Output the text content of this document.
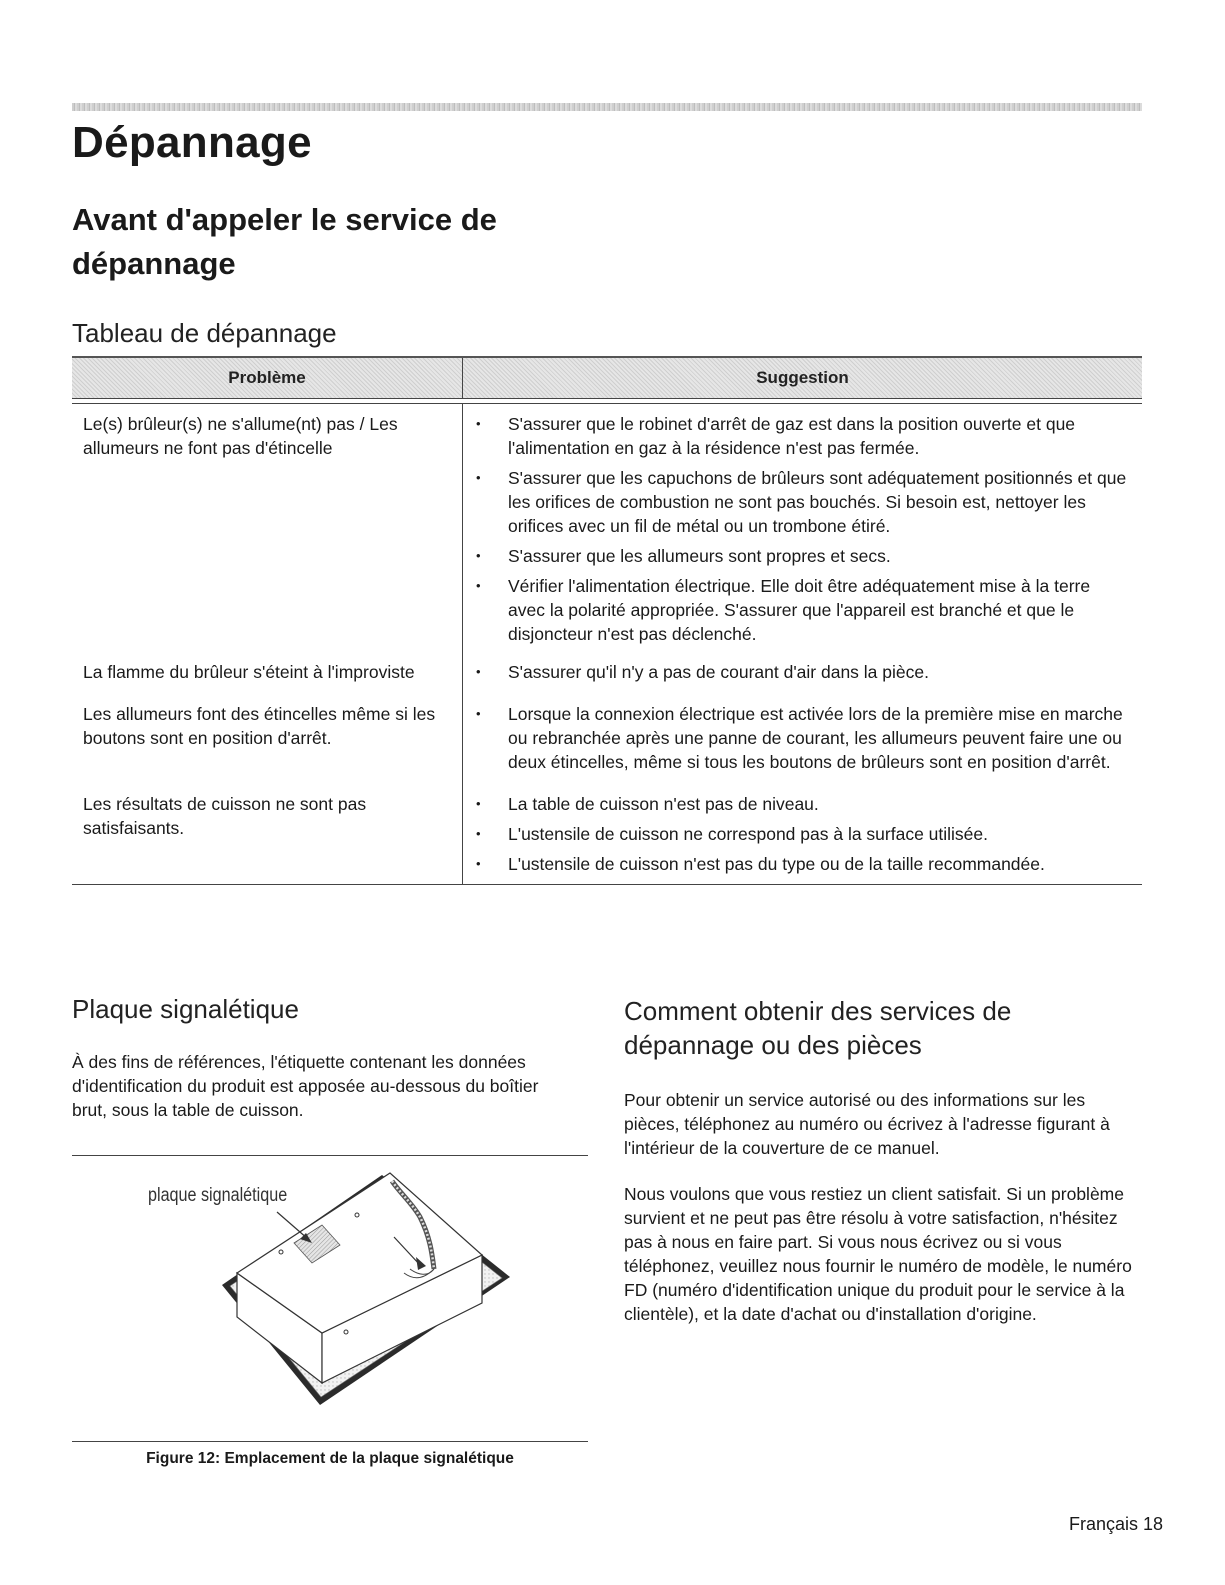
Dépannage
Avant d'appeler le service de dépannage
Tableau de dépannage
Problème	Suggestion
Le(s) brûleur(s) ne s'allume(nt) pas / Les allumeurs ne font pas d'étincelle
• S'assurer que le robinet d'arrêt de gaz est dans la position ouverte et que l'alimentation en gaz à la résidence n'est pas fermée.
• S'assurer que les capuchons de brûleurs sont adéquatement positionnés et que les orifices de combustion ne sont pas bouchés. Si besoin est, nettoyer les orifices avec un fil de métal ou un trombone étiré.
• S'assurer que les allumeurs sont propres et secs.
• Vérifier l'alimentation électrique. Elle doit être adéquatement mise à la terre avec la polarité appropriée. S'assurer que l'appareil est branché et que le disjoncteur n'est pas déclenché.
La flamme du brûleur s'éteint à l'improviste
•	S'assurer qu'il n'y a pas de courant d'air dans la pièce.
Les allumeurs font des étincelles même si les boutons sont en position d'arrêt.
• Lorsque la connexion électrique est activée lors de la première mise en marche ou rebranchée après une panne de courant, les allumeurs peuvent faire une ou deux étincelles, même si tous les boutons de brûleurs sont en position d'arrêt.
Les résultats de cuisson ne sont pas satisfaisants.
• La table de cuisson n'est pas de niveau.
• L'ustensile de cuisson ne correspond pas à la surface utilisée.
• L'ustensile de cuisson n'est pas du type ou de la taille recommandée.
Plaque signalétique

À des fins de références, l'étiquette contenant les données d'identification du produit est apposée au-dessous du boîtier brut, sous la table de cuisson.

plaque signalétique

Figure 12: Emplacement de la plaque signalétique

Comment obtenir des services de dépannage ou des pièces

Pour obtenir un service autorisé ou des informations sur les pièces, téléphonez au numéro ou écrivez à l'adresse figurant à l'intérieur de la couverture de ce manuel.

Nous voulons que vous restiez un client satisfait. Si un problème survient et ne peut pas être résolu à votre satisfaction, n'hésitez pas à nous en faire part. Si vous nous écrivez ou si vous téléphonez, veuillez nous fournir le numéro de modèle, le numéro FD (numéro d'identification unique du produit pour le service à la clientèle), et la date d'achat ou d'installation d'origine.

Français 18
